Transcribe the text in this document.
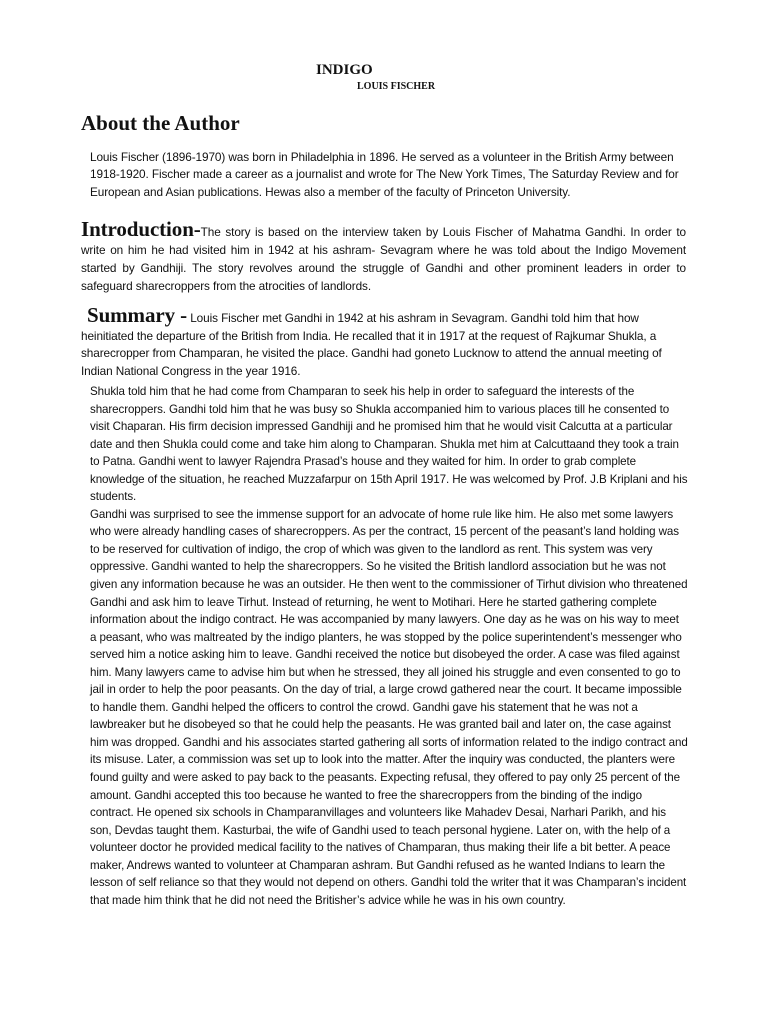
INDIGO
LOUIS FISCHER
About the Author

Louis Fischer (1896-1970) was born in Philadelphia in 1896. He served as a volunteer in the British Army between 1918-1920. Fischer made a career as a journalist and wrote for The New York Times, The Saturday Review and for European and Asian publications. Hewas also a member of the faculty of Princeton University.

Introduction-The story is based on the interview taken by Louis Fischer of Mahatma Gandhi. In order to write on him he had visited him in 1942 at his ashram- Sevagram where he was told about the Indigo Movement started by Gandhiji. The story revolves around the struggle of Gandhi and other prominent leaders in order to safeguard sharecroppers from the atrocities of landlords.

Summary - Louis Fischer met Gandhi in 1942 at his ashram in Sevagram. Gandhi told him that how heinitiated the departure of the British from India. He recalled that it in 1917 at the request of Rajkumar Shukla, a sharecropper from Champaran, he visited the place. Gandhi had goneto Lucknow to attend the annual meeting of Indian National Congress in the year 1916.

Shukla told him that he had come from Champaran to seek his help in order to safeguard the interests of the sharecroppers. Gandhi told him that he was busy so Shukla accompanied him to various places till he consented to visit Chaparan. His firm decision impressed Gandhiji and he promised him that he would visit Calcutta at a particular date and then Shukla could come and take him along to Champaran. Shukla met him at Calcuttaand they took a train to Patna. Gandhi went to lawyer Rajendra Prasad’s house and they waited for him. In order to grab complete knowledge of the situation, he reached Muzzafarpur on 15th April 1917. He was welcomed by Prof. J.B Kriplani and his students.
Gandhi was surprised to see the immense support for an advocate of home rule like him. He also met some lawyers who were already handling cases of sharecroppers. As per the contract, 15 percent of the peasant’s land holding was to be reserved for cultivation of indigo, the crop of which was given to the landlord as rent. This system was very oppressive. Gandhi wanted to help the sharecroppers. So he visited the British landlord association but he was not given any information because he was an outsider. He then went to the commissioner of Tirhut division who threatened Gandhi and ask him to leave Tirhut. Instead of returning, he went to Motihari. Here he started gathering complete information about the indigo contract. He was accompanied by many lawyers. One day as he was on his way to meet a peasant, who was maltreated by the indigo planters, he was stopped by the police superintendent’s messenger who served him a notice asking him to leave. Gandhi received the notice but disobeyed the order. A case was filed against him. Many lawyers came to advise him but when he stressed, they all joined his struggle and even consented to go to jail in order to help the poor peasants. On the day of trial, a large crowd gathered near the court. It became impossible to handle them. Gandhi helped the officers to control the crowd. Gandhi gave his statement that he was not a lawbreaker but he disobeyed so that he could help the peasants. He was granted bail and later on, the case against him was dropped. Gandhi and his associates started gathering all sorts of information related to the indigo contract and its misuse. Later, a commission was set up to look into the matter. After the inquiry was conducted, the planters were found guilty and were asked to pay back to the peasants. Expecting refusal, they offered to pay only 25 percent of the amount. Gandhi accepted this too because he wanted to free the sharecroppers from the binding of the indigo contract. He opened six schools in Champaranvillages and volunteers like Mahadev Desai, Narhari Parikh, and his son, Devdas taught them. Kasturbai, the wife of Gandhi used to teach personal hygiene. Later on, with the help of a volunteer doctor he provided medical facility to the natives of Champaran, thus making their life a bit better. A peace maker, Andrews wanted to volunteer at Champaran ashram. But Gandhi refused as he wanted Indians to learn the lesson of self reliance so that they would not depend on others. Gandhi told the writer that it was Champaran’s incident that made him think that he did not need the Britisher’s advice while he was in his own country.
